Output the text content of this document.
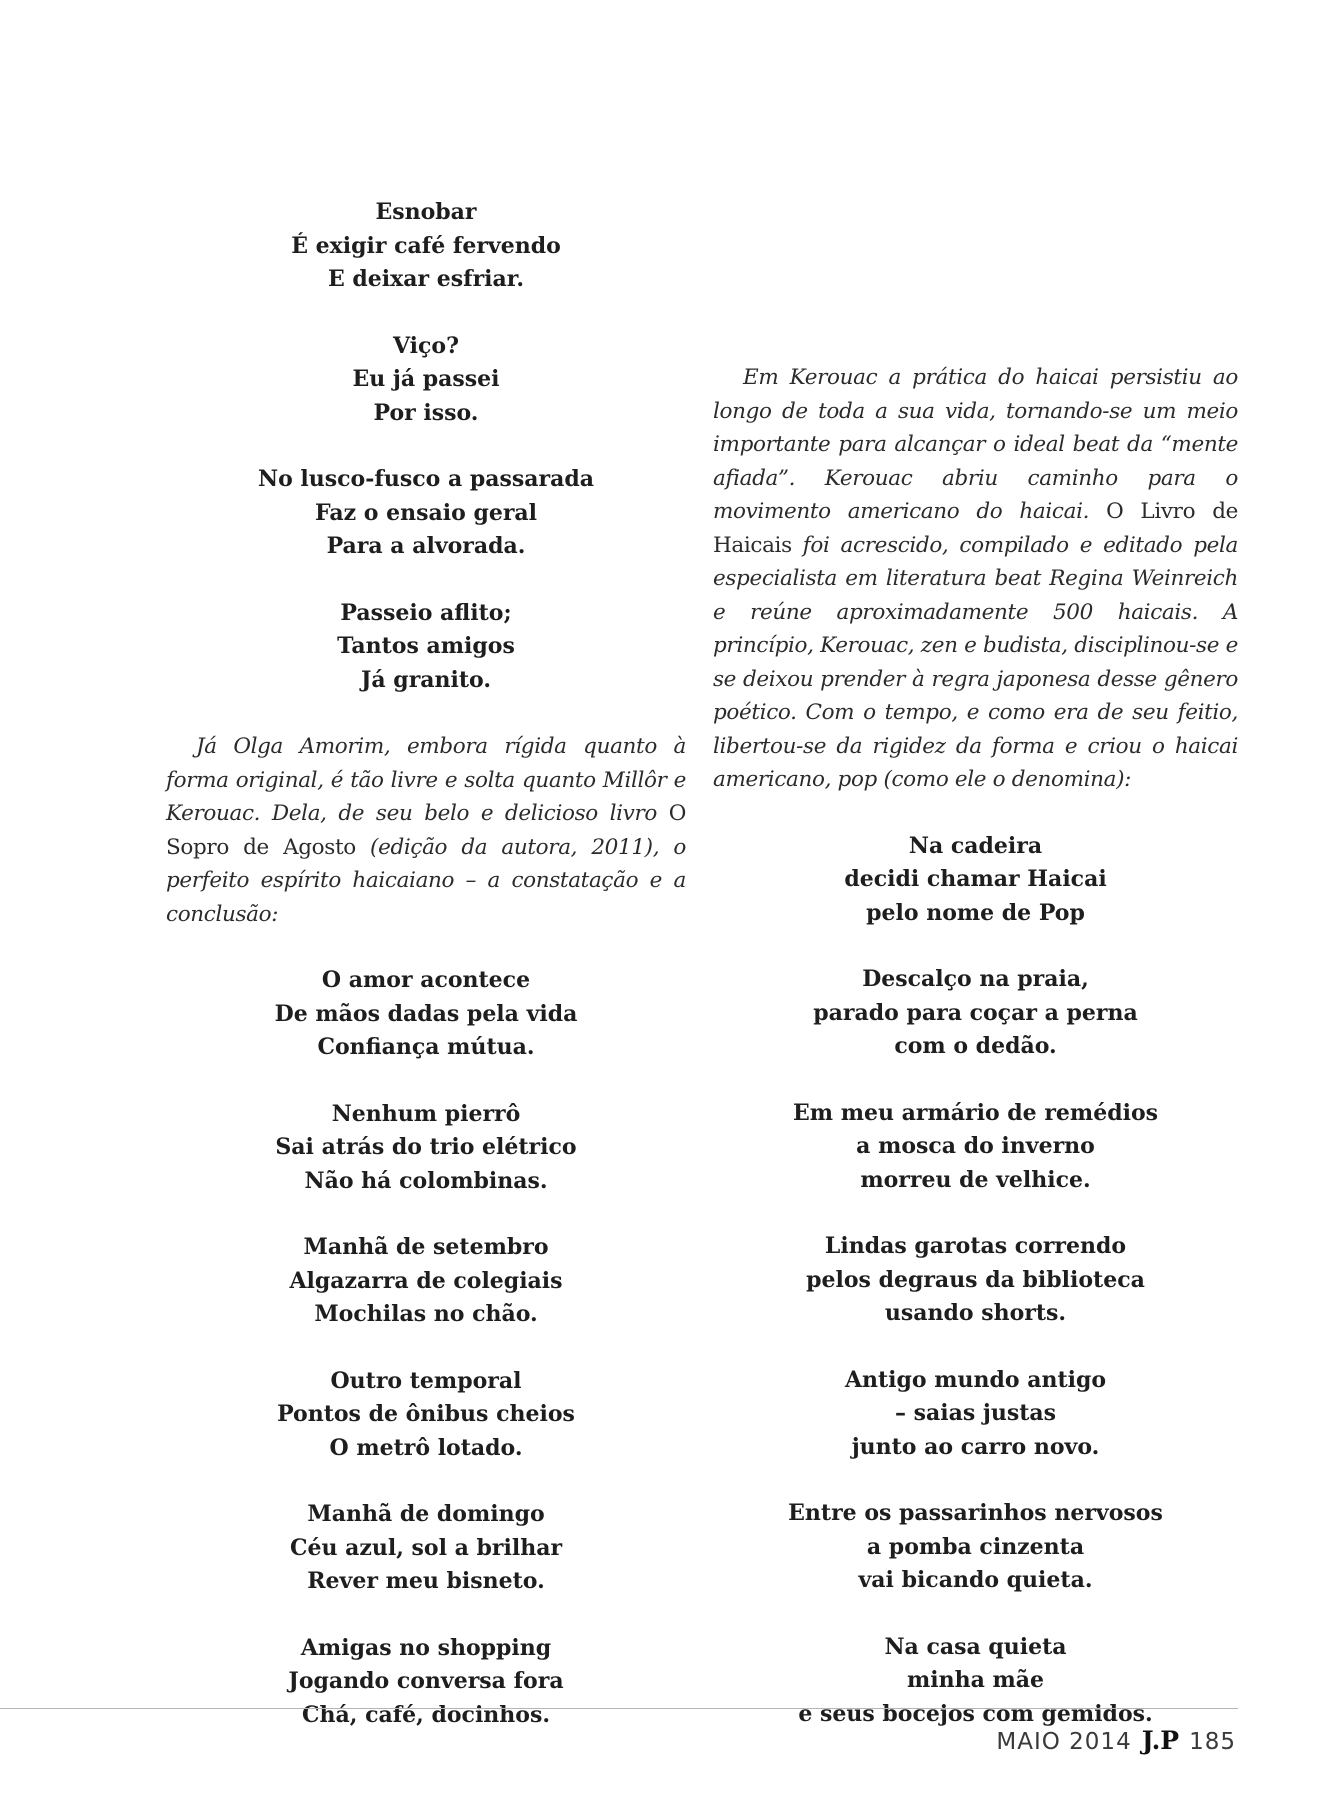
Esnobar
É exigir café fervendo
E deixar esfriar.
Viço?
Eu já passei
Por isso.
No lusco-fusco a passarada
Faz o ensaio geral
Para a alvorada.
Passeio aflito;
Tantos amigos
Já granito.

Já Olga Amorim, embora rígida quanto à forma original, é tão livre e solta quanto Millôr e Kerouac. Dela, de seu belo e delicioso livro O Sopro de Agosto (edição da autora, 2011), o perfeito espírito haicaiano – a constatação e a conclusão:

O amor acontece
De mãos dadas pela vida
Confiança mútua.
Nenhum pierrô
Sai atrás do trio elétrico
Não há colombinas.
Manhã de setembro
Algazarra de colegiais
Mochilas no chão.
Outro temporal
Pontos de ônibus cheios
O metrô lotado.
Manhã de domingo
Céu azul, sol a brilhar
Rever meu bisneto.
Amigas no shopping
Jogando conversa fora
Chá, café, docinhos.

Em Kerouac a prática do haicai persistiu ao longo de toda a sua vida, tornando-se um meio importante para alcançar o ideal beat da “mente afiada”. Kerouac abriu caminho para o movimento americano do haicai. O Livro de Haicais foi acrescido, compilado e editado pela especialista em literatura beat Regina Weinreich e reúne aproximadamente 500 haicais. A princípio, Kerouac, zen e budista, disciplinou-se e se deixou prender à regra japonesa desse gênero poético. Com o tempo, e como era de seu feitio, libertou-se da rigidez da forma e criou o haicai americano, pop (como ele o denomina):

Na cadeira
decidi chamar Haicai
pelo nome de Pop
Descalço na praia,
parado para coçar a perna
com o dedão.
Em meu armário de remédios
a mosca do inverno
morreu de velhice.
Lindas garotas correndo
pelos degraus da biblioteca
usando shorts.
Antigo mundo antigo
– saias justas
junto ao carro novo.
Entre os passarinhos nervosos
a pomba cinzenta
vai bicando quieta.
Na casa quieta
minha mãe
e seus bocejos com gemidos.
MAIO 2014 J.P 185
